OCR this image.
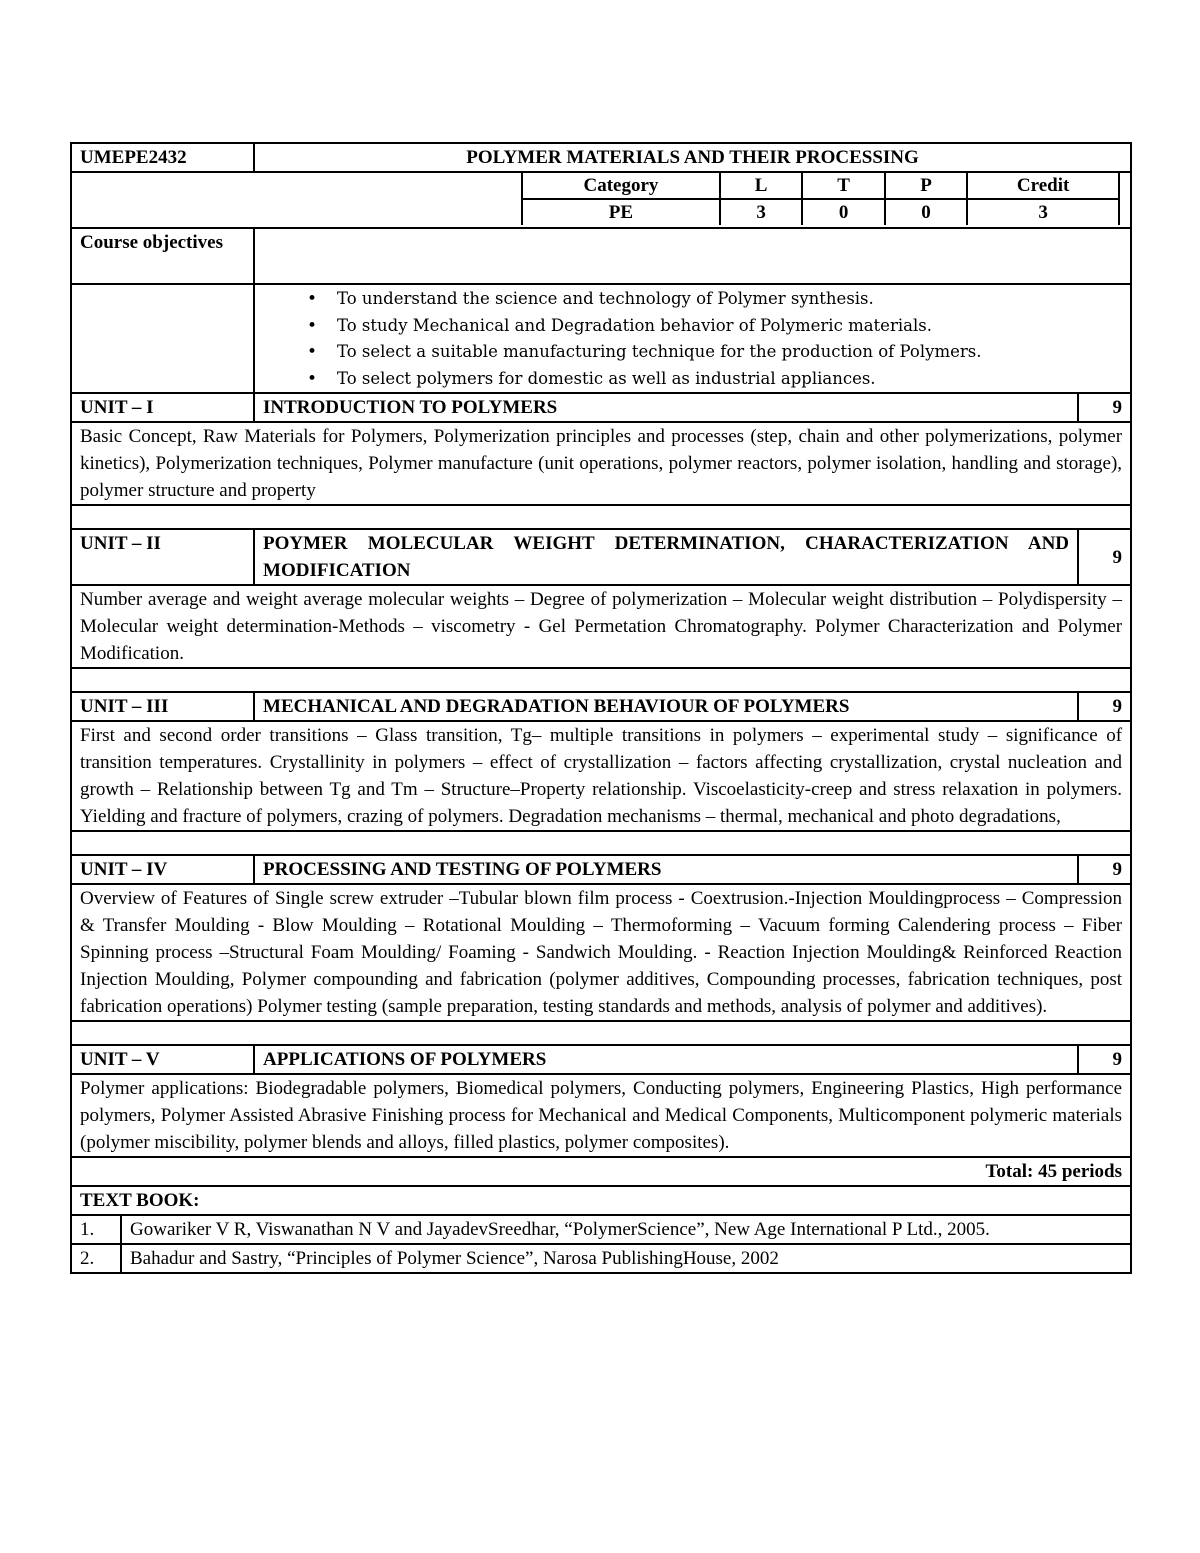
UMEPE2432	POLYMER MATERIALS AND THEIR PROCESSING

Category	L	T	P	Credit
PE	3	0	0	3

Course objectives	

• To understand the science and technology of Polymer synthesis.
• To study Mechanical and Degradation behavior of Polymeric materials.
• To select a suitable manufacturing technique for the production of Polymers.
• To select polymers for domestic as well as industrial appliances.

UNIT – I	INTRODUCTION TO POLYMERS	9
Basic Concept, Raw Materials for Polymers, Polymerization principles and processes (step, chain and other polymerizations, polymer kinetics), Polymerization techniques, Polymer manufacture (unit operations, polymer reactors, polymer isolation, handling and storage), polymer structure and property

UNIT – II	POYMER MOLECULAR WEIGHT DETERMINATION, CHARACTERIZATION AND MODIFICATION	9
Number average and weight average molecular weights – Degree of polymerization – Molecular weight distribution – Polydispersity – Molecular weight determination-Methods – viscometry - Gel Permetation Chromatography. Polymer Characterization and Polymer Modification.

UNIT – III	MECHANICAL AND DEGRADATION BEHAVIOUR OF POLYMERS	9
First and second order transitions – Glass transition, Tg– multiple transitions in polymers – experimental study – significance of transition temperatures. Crystallinity in polymers – effect of crystallization – factors affecting crystallization, crystal nucleation and growth – Relationship between Tg and Tm – Structure–Property relationship. Viscoelasticity-creep and stress relaxation in polymers. Yielding and fracture of polymers, crazing of polymers. Degradation mechanisms – thermal, mechanical and photo degradations,

UNIT – IV	PROCESSING AND TESTING OF POLYMERS	9
Overview of Features of Single screw extruder –Tubular blown film process - Coextrusion.-Injection Mouldingprocess – Compression & Transfer Moulding - Blow Moulding – Rotational Moulding – Thermoforming – Vacuum forming Calendering process – Fiber Spinning process –Structural Foam Moulding/ Foaming - Sandwich Moulding. - Reaction Injection Moulding& Reinforced Reaction Injection Moulding, Polymer compounding and fabrication (polymer additives, Compounding processes, fabrication techniques, post fabrication operations) Polymer testing (sample preparation, testing standards and methods, analysis of polymer and additives).

UNIT – V	APPLICATIONS OF POLYMERS	9
Polymer applications: Biodegradable polymers, Biomedical polymers, Conducting polymers, Engineering Plastics, High performance polymers, Polymer Assisted Abrasive Finishing process for Mechanical and Medical Components, Multicomponent polymeric materials (polymer miscibility, polymer blends and alloys, filled plastics, polymer composites).
Total: 45 periods
TEXT BOOK:
1.	Gowariker V R, Viswanathan N V and JayadevSreedhar, “PolymerScience”, New Age International P Ltd., 2005.
2.	Bahadur and Sastry, “Principles of Polymer Science”, Narosa PublishingHouse, 2002
